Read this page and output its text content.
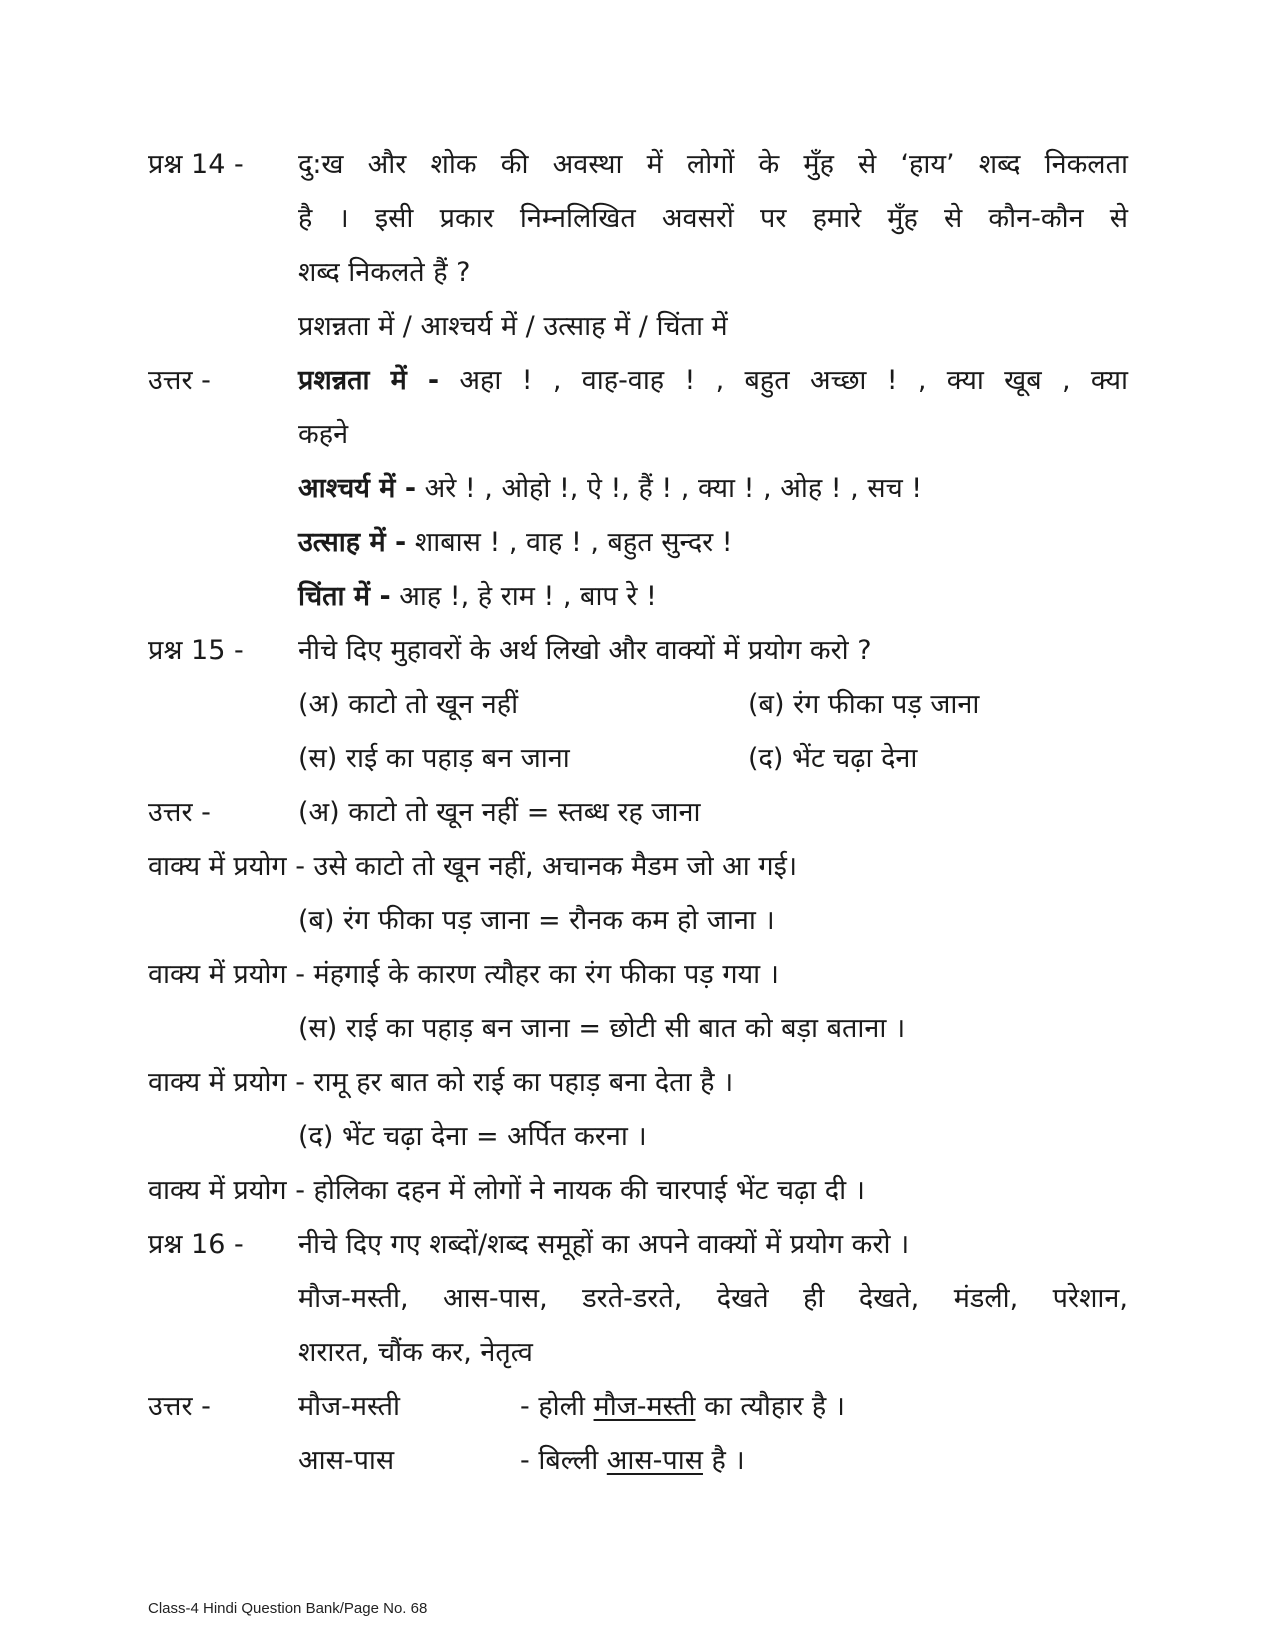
प्रश्न 14 - दु:ख और शोक की अवस्था में लोगों के मुँह से ‘हाय’ शब्द निकलता
है । इसी प्रकार निम्नलिखित अवसरों पर हमारे मुँह से कौन-कौन से
शब्द निकलते हैं ?
प्रशन्नता में / आश्चर्य में / उत्साह में / चिंता में
उत्तर -	प्रशन्नता में - अहा ! , वाह-वाह ! , बहुत अच्छा ! , क्या खूब , क्या
कहने
आश्चर्य में - अरे ! , ओहो !, ऐ !, हैं ! , क्या ! , ओह ! , सच !
उत्साह में - शाबास ! , वाह ! , बहुत सुन्दर !
चिंता में - आह !, हे राम ! , बाप रे !
प्रश्न 15 - नीचे दिए मुहावरों के अर्थ लिखो और वाक्यों में प्रयोग करो ?
(अ) काटो तो खून नहीं	(ब) रंग फीका पड़ जाना
(स) राई का पहाड़ बन जाना	(द) भेंट चढ़ा देना
उत्तर -	(अ) काटो तो खून नहीं = स्तब्ध रह जाना
वाक्य में प्रयोग - उसे काटो तो खून नहीं, अचानक मैडम जो आ गई।
(ब) रंग फीका पड़ जाना = रौनक कम हो जाना ।
वाक्य में प्रयोग - मंहगाई के कारण त्यौहर का रंग फीका पड़ गया ।
(स) राई का पहाड़ बन जाना = छोटी सी बात को बड़ा बताना ।
वाक्य में प्रयोग - रामू हर बात को राई का पहाड़ बना देता है ।
(द) भेंट चढ़ा देना = अर्पित करना ।
वाक्य में प्रयोग - होलिका दहन में लोगों ने नायक की चारपाई भेंट चढ़ा दी ।
प्रश्न 16 - नीचे दिए गए शब्दों/शब्द समूहों का अपने वाक्यों में प्रयोग करो ।
मौज-मस्ती, आस-पास, डरते-डरते, देखते ही देखते, मंडली, परेशान,
शरारत, चौंक कर, नेतृत्व
उत्तर -	मौज-मस्ती	- होली मौज-मस्ती का त्यौहार है ।
आस-पास	- बिल्ली आस-पास है ।
Class-4 Hindi Question Bank/Page No. 68
